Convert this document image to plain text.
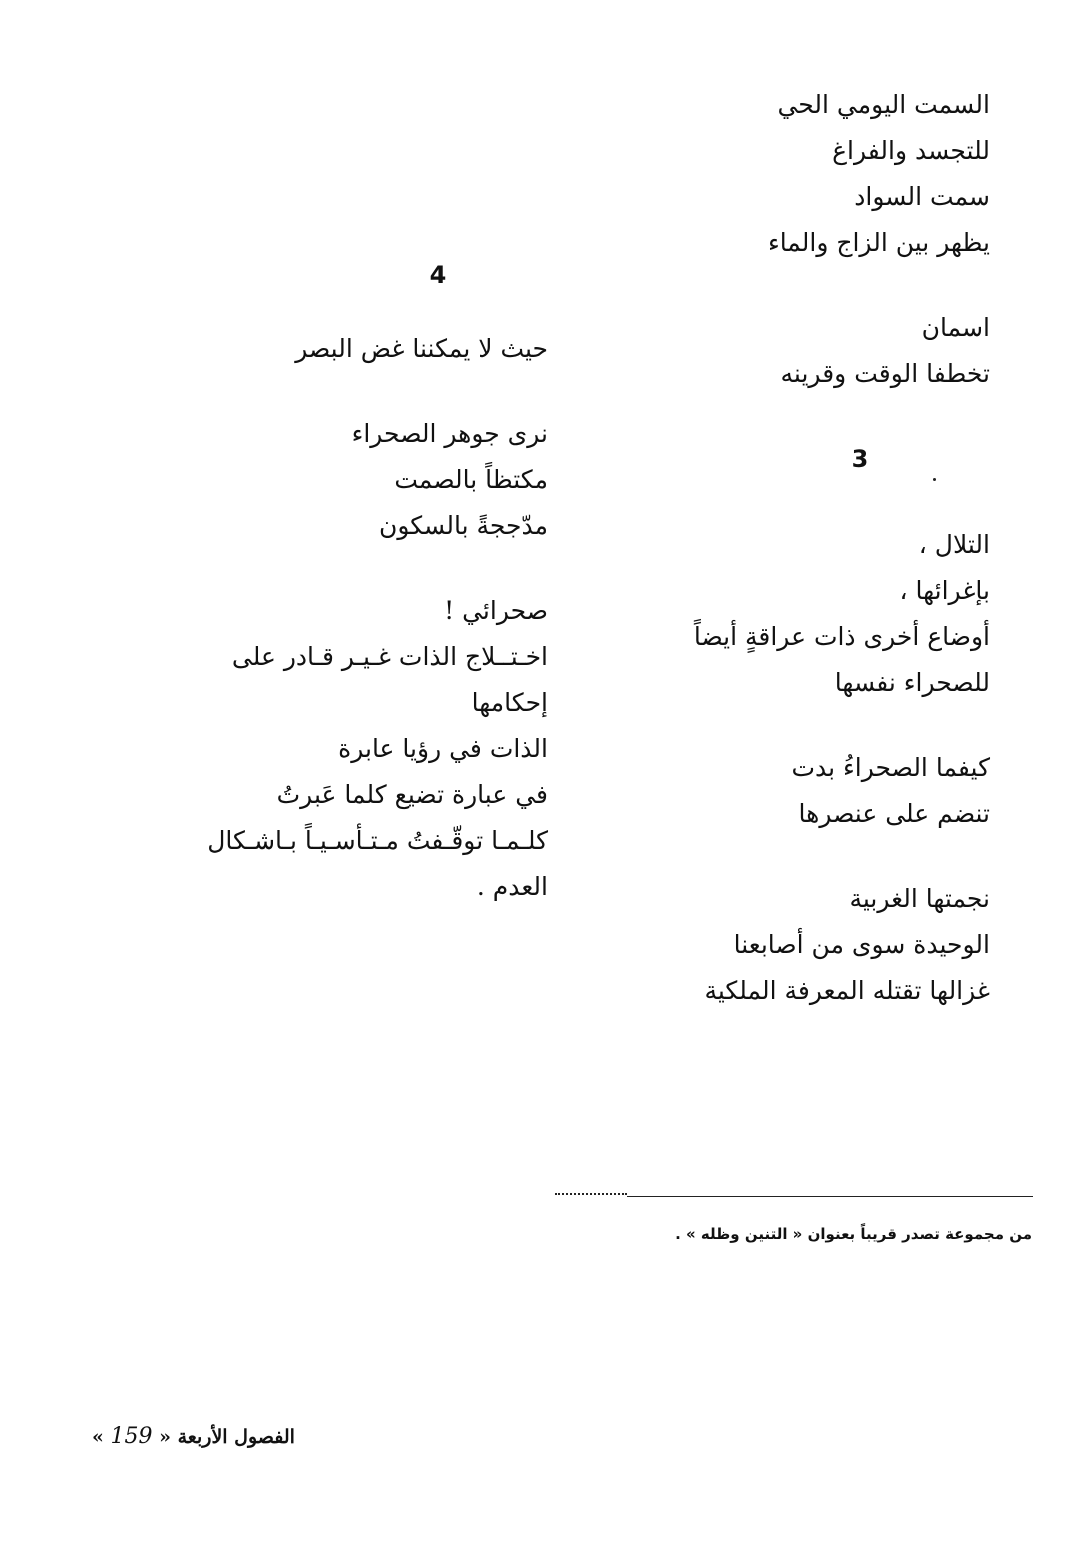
السمت اليومي الحي
للتجسد والفراغ
سمت السواد
يظهر بين الزاج والماء
اسمان
تخطفا الوقت وقرينه
3
التلال ،
بإغرائها ،
أوضاع أخرى ذات عراقةٍ أيضاً
للصحراء نفسها
كيفما الصحراءُ بدت
تنضم على عنصرها
نجمتها الغربية
الوحيدة سوى من أصابعنا
غزالها تقتله المعرفة الملكية
4
حيث لا يمكننا غض البصر
نرى جوهر الصحراء
مكتظاً بالصمت
مدّججةً بالسكون
صحرائي !
اخـتــلاج الذات غـيـر قـادر على
إحكامها
الذات في رؤيا عابرة
في عبارة تضيع كلما عَبرتُ
كلـمـا توقّـفتُ مـتـأسـيـاً بـاشـكال
العدم .
من مجموعة تصدر قريباً بعنوان « التنين وظله » .
الفصول الأربعة « 159 »
